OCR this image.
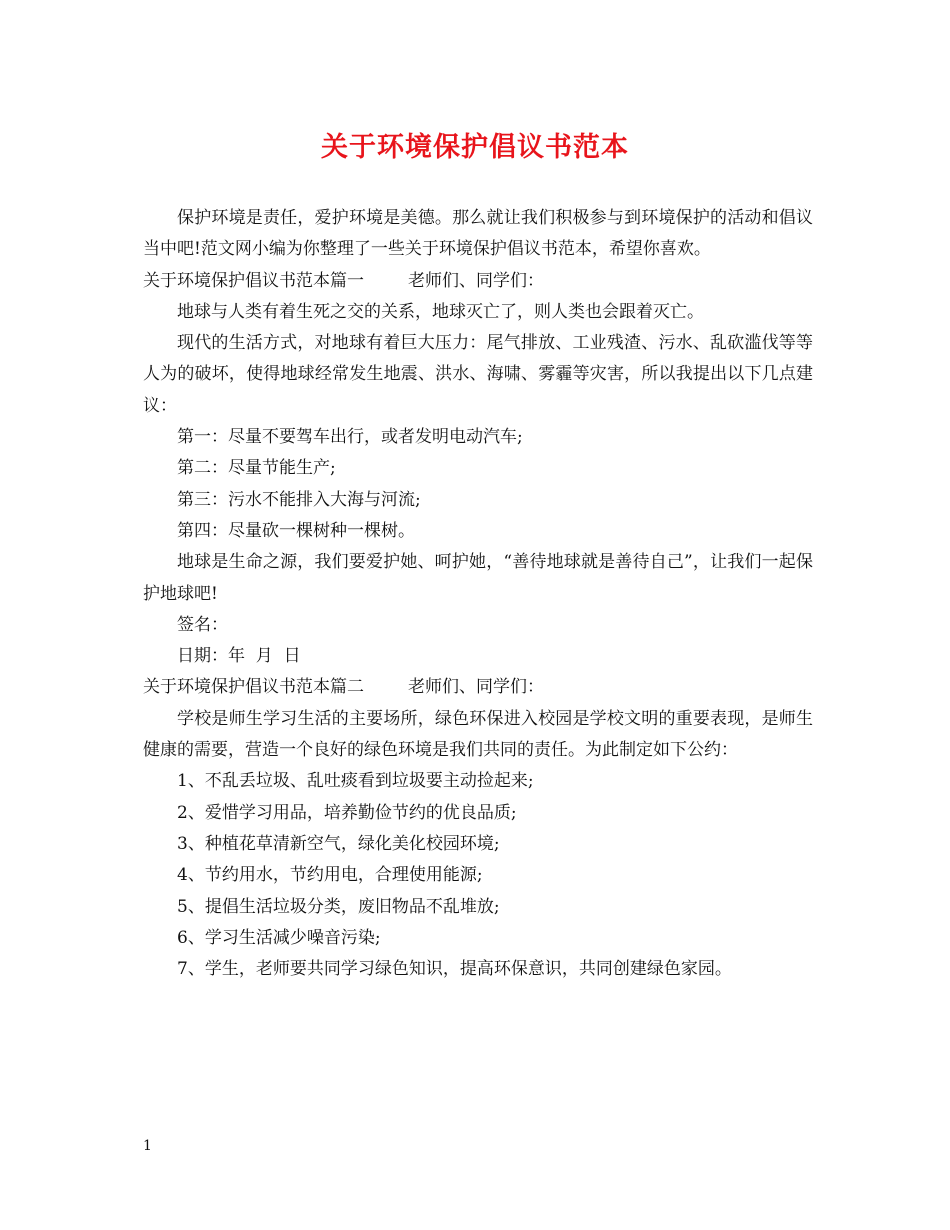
关于环境保护倡议书范本

保护环境是责任，爱护环境是美德。那么就让我们积极参与到环境保护的活动和倡议当中吧!范文网小编为你整理了一些关于环境保护倡议书范本，希望你喜欢。

关于环境保护倡议书范本篇一	老师们、同学们：

地球与人类有着生死之交的关系，地球灭亡了，则人类也会跟着灭亡。

现代的生活方式，对地球有着巨大压力：尾气排放、工业残渣、污水、乱砍滥伐等等人为的破坏，使得地球经常发生地震、洪水、海啸、雾霾等灾害，所以我提出以下几点建议：

第一：尽量不要驾车出行，或者发明电动汽车;

第二：尽量节能生产;

第三：污水不能排入大海与河流;

第四：尽量砍一棵树种一棵树。

地球是生命之源，我们要爱护她、呵护她，“善待地球就是善待自己”，让我们一起保护地球吧!

签名：

日期：年  月  日

关于环境保护倡议书范本篇二	老师们、同学们：

学校是师生学习生活的主要场所，绿色环保进入校园是学校文明的重要表现，是师生健康的需要，营造一个良好的绿色环境是我们共同的责任。为此制定如下公约：

1、不乱丢垃圾、乱吐痰看到垃圾要主动捡起来;

2、爱惜学习用品，培养勤俭节约的优良品质;

3、种植花草清新空气，绿化美化校园环境;

4、节约用水，节约用电，合理使用能源;

5、提倡生活垃圾分类，废旧物品不乱堆放;

6、学习生活减少噪音污染;

7、学生，老师要共同学习绿色知识，提高环保意识，共同创建绿色家园。

1
